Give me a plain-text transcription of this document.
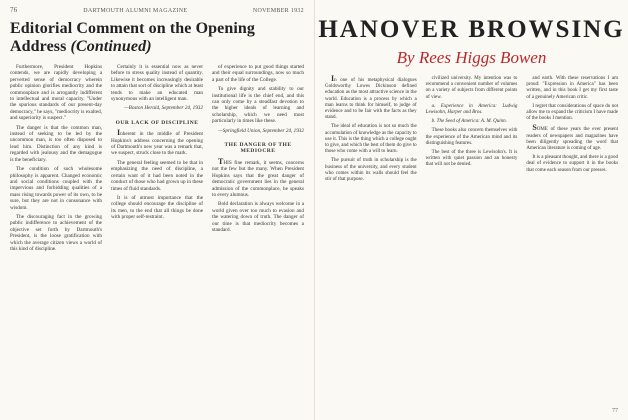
76	DARTMOUTH ALUMNI MAGAZINE	NOVEMBER 1932
Editorial Comment on the Opening Address (Continued)

Furthermore, President Hopkins contends, we are rapidly developing a perverted sense of democracy wherein public opinion glorifies mediocrity and the commonplace and is arrogantly indifferent to intellectual and moral capacity. "Under the spurious standards of our present-day democracy," he says, "mediocrity is exalted, and superiority is suspect."

The danger is that the common man, instead of seeking to be led by the uncommon man, is too often disposed to lead him. Distinction of any kind is regarded with jealousy and the demagogue is the beneficiary.

The condition of such wholesome philosophy is apparent. Changed economic and social conditions coupled with the impervious and forbidding qualities of a mass rising towards power of its own, to be sure, but they are not in consonance with wisdom.

The discouraging fact in the growing public indifference to achievement of the objective set forth by Dartmouth's President, is the loose gratification with which the average citizen views a world of this kind of discipline.

Certainly it is essential now as never before to stress quality instead of quantity. Likewise it becomes increasingly desirable to attain that sort of discipline which at least tends to make an educated man synonymous with an intelligent man.

—Boston Herald, September 24, 1932

OUR LACK OF DISCIPLINE

Inherent in the middle of President Hopkins's address concerning the opening of Dartmouth's new year was a remark that, we suspect, struck close to the mark.

The general feeling seemed to be that in emphasizing the need of discipline, a certain want of it had been noted in the conduct of those who had grown up in these times of fluid standards.

It is of utmost importance that the college should encourage the discipline of its men, to the end that all things be done with proper self-restraint.

of experience to put good things started and their equal surroundings, now so much a part of the life of the College.

To give dignity and stability to our institutional life is the chief end, and this can only come by a steadfast devotion to the higher ideals of learning and scholarship, which we need most particularly in times like these.

—Springfield Union, September 24, 1932

THE DANGER OF THE MEDIOCRE

THIS fine remark, it seems, concerns not the few but the many. When President Hopkins says that the great danger of democratic government lies in the general admission of the commonplace, he speaks to every alumnus.

Bold declaration is always welcome in a world given over too much to evasion and the watering down of truth. The danger of our time is that mediocrity becomes a standard.

HANOVER BROWSING
By Rees Higgs Bowen

In one of his metaphysical dialogues Goldsworthy Lowes Dickinson defined education as the most attractive science in the world. Education is a process by which a man learns to think for himself, to judge of evidence and to be fair with the facts as they stand.

The ideal of education is not so much the accumulation of knowledge as the capacity to use it. This is the thing which a college ought to give, and which the best of them do give to those who come with a will to learn.

The pursuit of truth in scholarship is the business of the university, and every student who comes within its walls should feel the stir of that purpose.

civilized university. My intention was to recommend a convenient number of volumes on a variety of subjects from different points of view.

a. Experience in America: Ludwig Lewisohn, Harper and Bros.

b. The Seed of America: A. M. Quinn.

These books also concern themselves with the experience of the American mind and its distinguishing features.

The best of the three is Lewisohn's. It is written with quiet passion and an honesty that will not be denied.

and earth. With these reservations I am proud: "Expression in America" has been written, and in this book I get my first taste of a genuinely American critic.

I regret that considerations of space do not allow me to expand the criticism I have made of the books I mention.

SOME of these years the ever present readers of newspapers and magazines have been diligently spreading the word that American literature is coming of age.

It is a pleasant thought, and there is a good deal of evidence to support it in the books that come each season from our presses.

77
